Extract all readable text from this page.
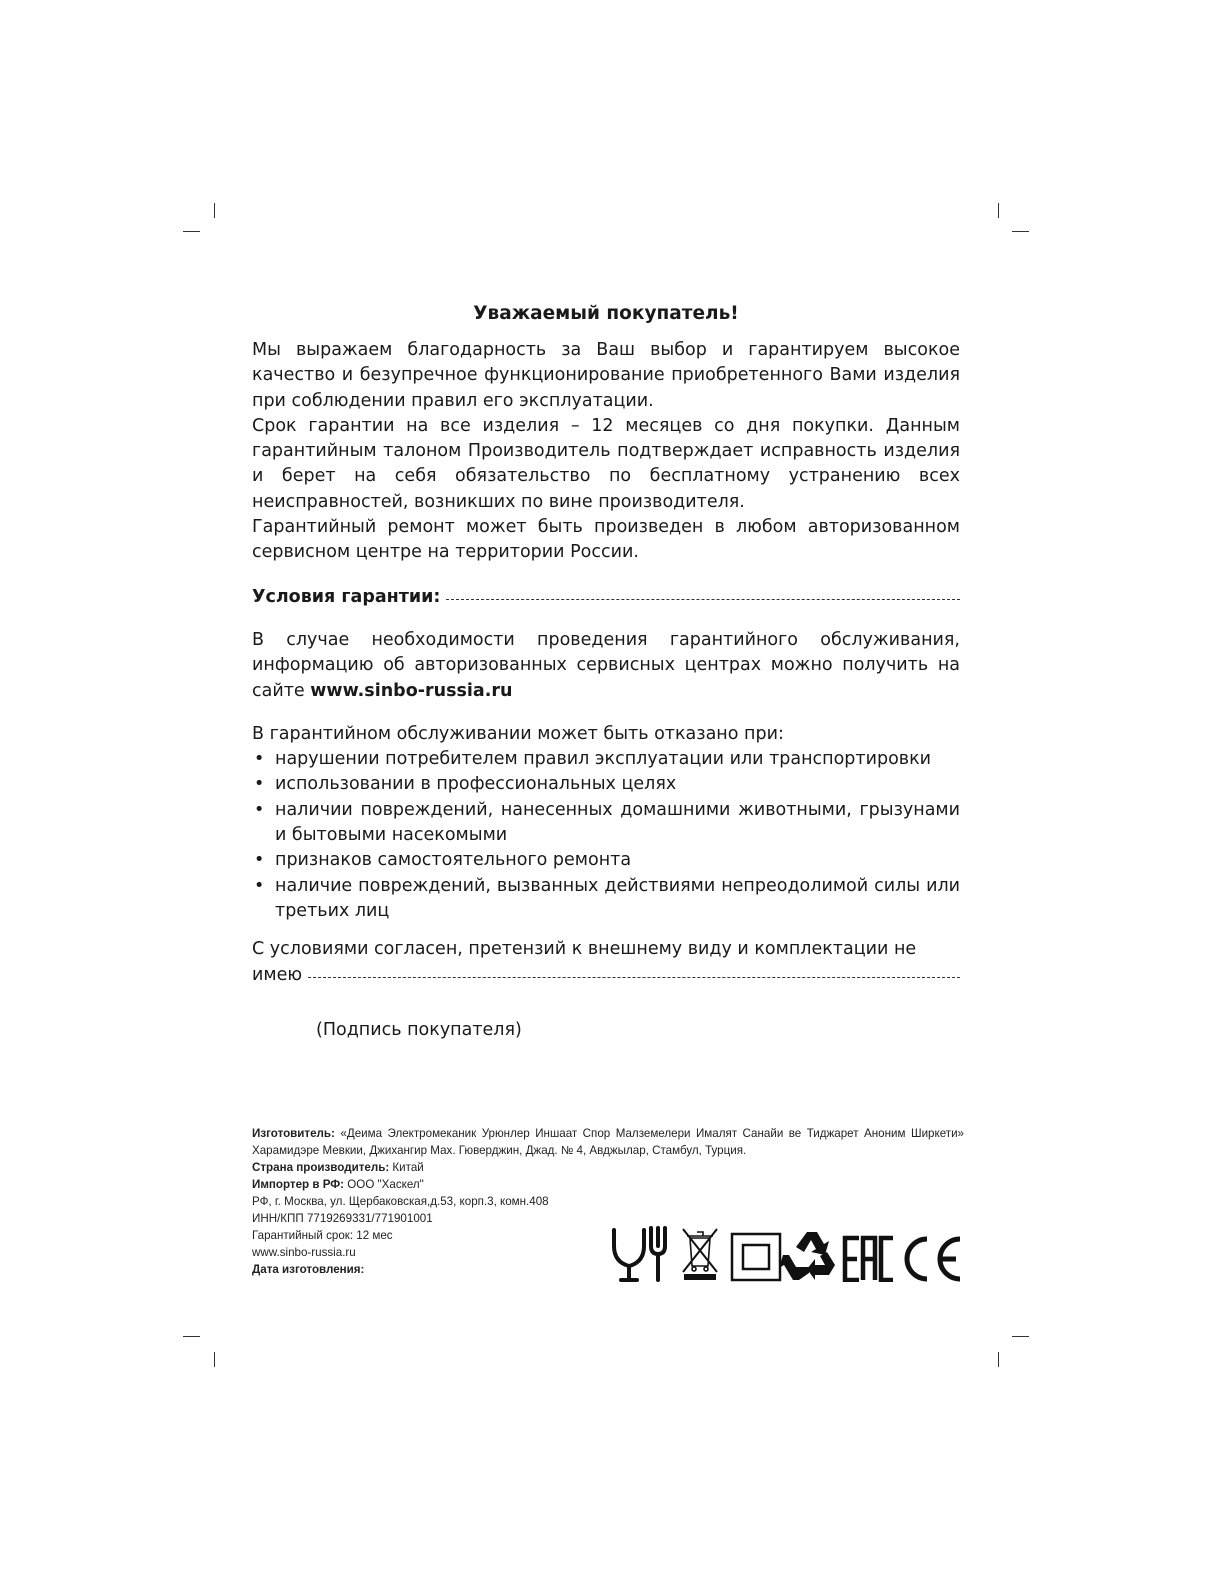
Уважаемый покупатель!

Мы выражаем благодарность за Ваш выбор и гарантируем высокое качество и безупречное функционирование приобретенного Вами изделия при соблюдении правил его эксплуатации.

Срок гарантии на все изделия – 12 месяцев со дня покупки. Данным гарантийным талоном Производитель подтверждает исправность изделия и берет на себя обязательство по бесплатному устранению всех неисправностей, возникших по вине производителя.

Гарантийный ремонт может быть произведен в любом авторизованном сервисном центре на территории России.

Условия гарантии:

В случае необходимости проведения гарантийного обслуживания, информацию об авторизованных сервисных центрах можно получить на сайте www.sinbo-russia.ru

В гарантийном обслуживании может быть отказано при:

• нарушении потребителем правил эксплуатации или транспортировки
• использовании в профессиональных целях
• наличии повреждений, нанесенных домашними животными, грызунами и бытовыми насекомыми
• признаков самостоятельного ремонта
• наличие повреждений, вызванных действиями непреодолимой силы или третьих лиц

С условиями согласен, претензий к внешнему виду и комплектации не

имею
(Подпись покупателя)

Изготовитель: «Деима Электромеканик Урюнлер Иншаат Спор Малземелери Ималят Санайи ве Тиджарет Аноним Ширкети» Харамидэре Мевкии, Джихангир Мах. Гюверджин, Джад. № 4, Авджылар, Стамбул, Турция.

Страна производитель: Китай

Импортер в РФ: ООО "Хаскел"

РФ, г. Москва, ул. Щербаковская,д.53, корп.3, комн.408

ИНН/КПП 7719269331/771901001

Гарантийный срок: 12 мес

www.sinbo-russia.ru

Дата изготовления:
